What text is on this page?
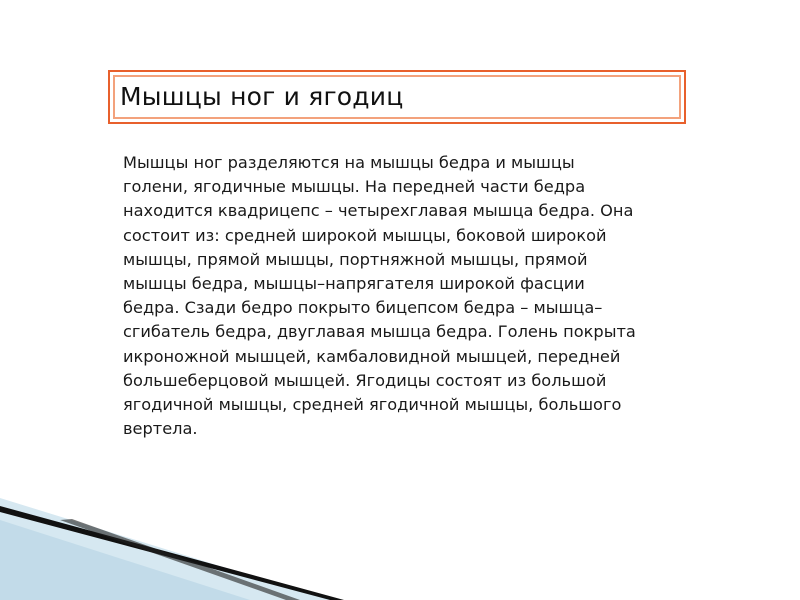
Мышцы ног и ягодиц
Мышцы ног разделяются на мышцы бедра и мышцы
голени, ягодичные мышцы. На передней части бедра
находится квадрицепс – четырехглавая мышца бедра. Она
состоит из: средней широкой мышцы, боковой широкой
мышцы, прямой мышцы, портняжной мышцы, прямой
мышцы бедра, мышцы–напрягателя широкой фасции
бедра. Сзади бедро покрыто бицепсом бедра – мышца–
сгибатель бедра, двуглавая мышца бедра. Голень покрыта
икроножной мышцей, камбаловидной мышцей, передней
большеберцовой мышцей. Ягодицы состоят из большой
ягодичной мышцы, средней ягодичной мышцы, большого
вертела.
